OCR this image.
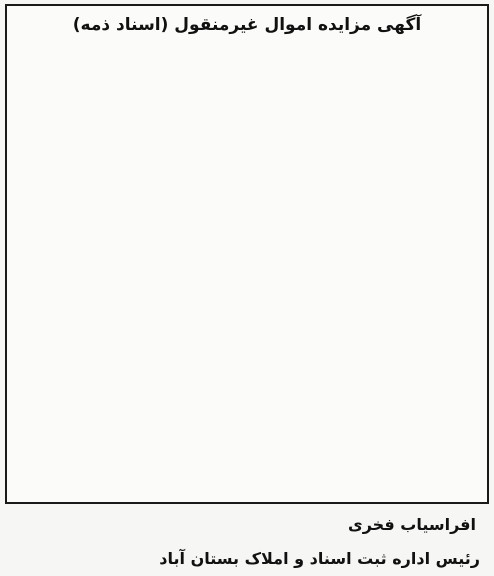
آگهی مزایده اموال غیرمنقول (اسناد ذمه)
افراسیاب فخری
رئیس اداره ثبت اسناد و املاک بستان آباد
